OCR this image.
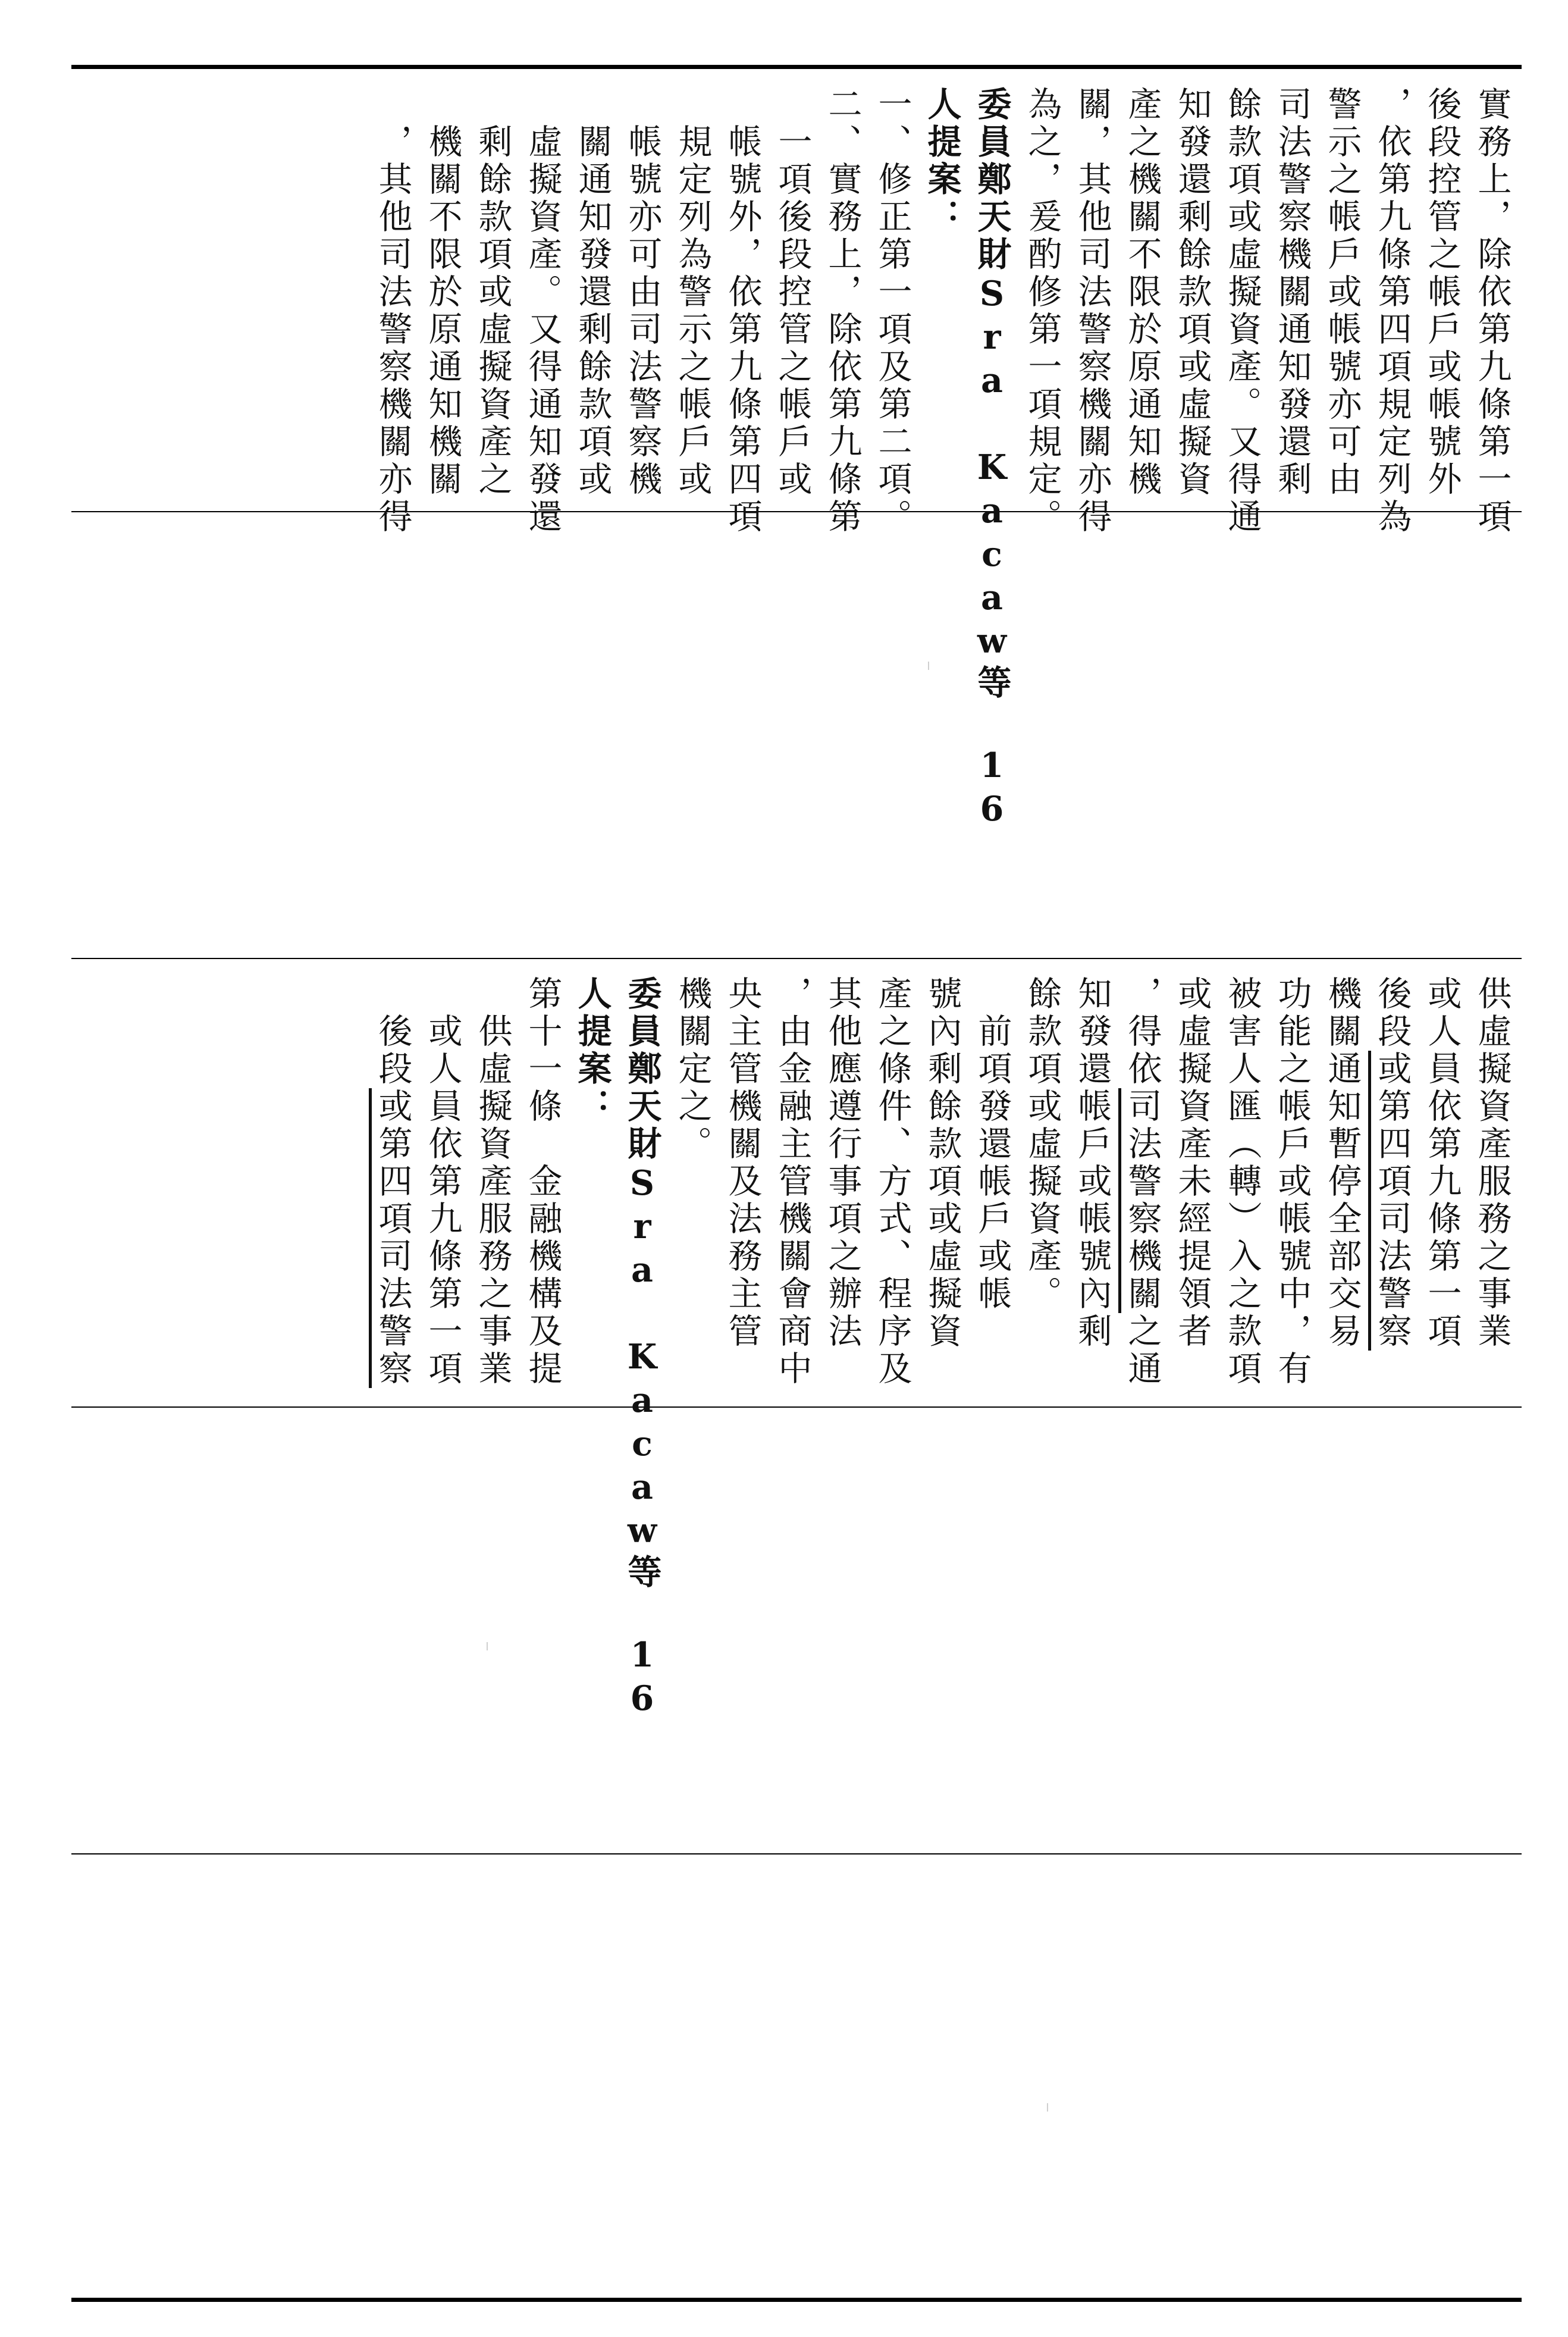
實務上，除依第九條第一項
後段控管之帳戶或帳號外
，依第九條第四項規定列為
警示之帳戶或帳號亦可由
司法警察機關通知發還剩
餘款項或虛擬資產。又得通
知發還剩餘款項或虛擬資
產之機關不限於原通知機
關，其他司法警察機關亦得
為之，爰酌修第一項規定。
委員鄭天財Sra Kacaw等 16
人提案：
一、修正第一項及第二項。
二、實務上，除依第九條第
　一項後段控管之帳戶或
　帳號外，依第九條第四項
　規定列為警示之帳戶或
　帳號亦可由司法警察機
　關通知發還剩餘款項或
　虛擬資產。又得通知發還
　剩餘款項或虛擬資產之
　機關不限於原通知機關
　，其他司法警察機關亦得
供虛擬資產服務之事業
或人員依第九條第一項
後段或第四項司法警察
機關通知暫停全部交易
功能之帳戶或帳號中，有
被害人匯（轉）入之款項
或虛擬資產未經提領者
，得依司法警察機關之通
知發還帳戶或帳號內剩
餘款項或虛擬資產。
　前項發還帳戶或帳
號內剩餘款項或虛擬資
產之條件、方式、程序及
其他應遵行事項之辦法
，由金融主管機關會商中
央主管機關及法務主管
機關定之。
委員鄭天財Sra Kacaw等 16
人提案：
第十一條　金融機構及提
　供虛擬資產服務之事業
　或人員依第九條第一項
　後段或第四項司法警察
